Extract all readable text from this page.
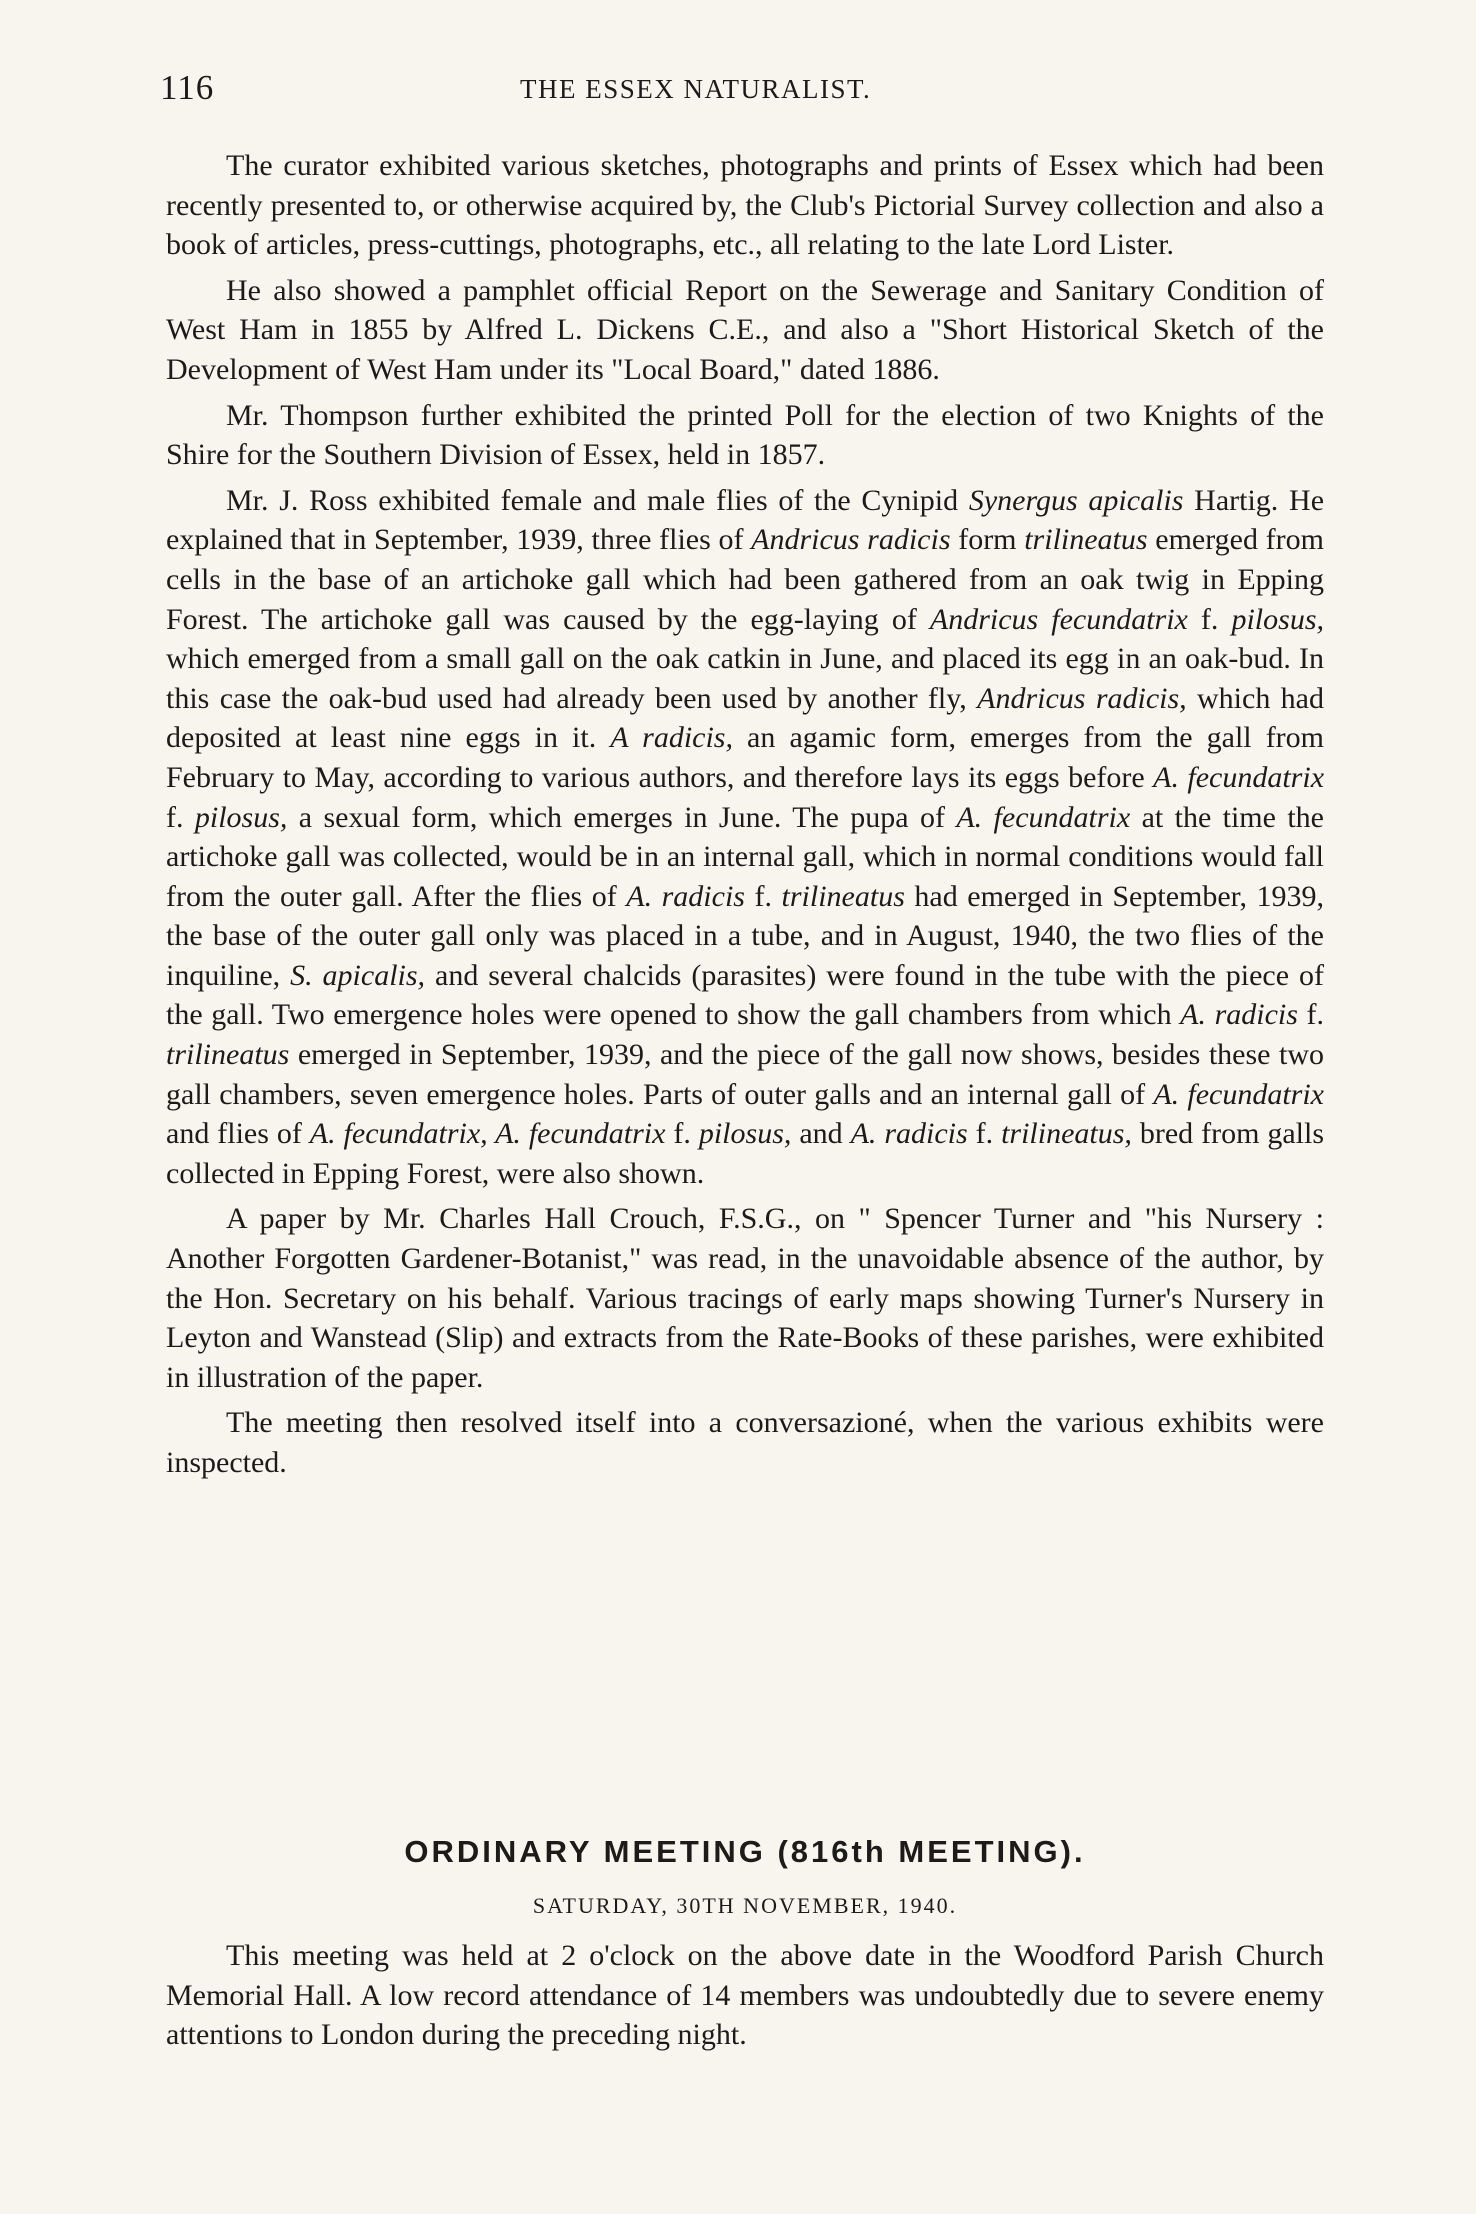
116	THE ESSEX NATURALIST.

The curator exhibited various sketches, photographs and prints of Essex which had been recently presented to, or otherwise acquired by, the Club's Pictorial Survey collection and also a book of articles, press-cuttings, photographs, etc., all relating to the late Lord Lister.

He also showed a pamphlet official Report on the Sewerage and Sanitary Condition of West Ham in 1855 by Alfred L. Dickens C.E., and also a "Short Historical Sketch of the Development of West Ham under its "Local Board," dated 1886.

Mr. Thompson further exhibited the printed Poll for the election of two Knights of the Shire for the Southern Division of Essex, held in 1857.

Mr. J. Ross exhibited female and male flies of the Cynipid Synergus apicalis Hartig. He explained that in September, 1939, three flies of Andricus radicis form trilineatus emerged from cells in the base of an artichoke gall which had been gathered from an oak twig in Epping Forest. The artichoke gall was caused by the egg-laying of Andricus fecundatrix f. pilosus, which emerged from a small gall on the oak catkin in June, and placed its egg in an oak-bud. In this case the oak-bud used had already been used by another fly, Andricus radicis, which had deposited at least nine eggs in it. A radicis, an agamic form, emerges from the gall from February to May, according to various authors, and therefore lays its eggs before A. fecundatrix f. pilosus, a sexual form, which emerges in June. The pupa of A. fecundatrix at the time the artichoke gall was collected, would be in an internal gall, which in normal conditions would fall from the outer gall. After the flies of A. radicis f. trilineatus had emerged in September, 1939, the base of the outer gall only was placed in a tube, and in August, 1940, the two flies of the inquiline, S. apicalis, and several chalcids (parasites) were found in the tube with the piece of the gall. Two emergence holes were opened to show the gall chambers from which A. radicis f. trilineatus emerged in September, 1939, and the piece of the gall now shows, besides these two gall chambers, seven emergence holes. Parts of outer galls and an internal gall of A. fecundatrix and flies of A. fecundatrix, A. fecundatrix f. pilosus, and A. radicis f. trilineatus, bred from galls collected in Epping Forest, were also shown.

A paper by Mr. Charles Hall Crouch, F.S.G., on " Spencer Turner and "his Nursery : Another Forgotten Gardener-Botanist," was read, in the unavoidable absence of the author, by the Hon. Secretary on his behalf. Various tracings of early maps showing Turner's Nursery in Leyton and Wanstead (Slip) and extracts from the Rate-Books of these parishes, were exhibited in illustration of the paper.

The meeting then resolved itself into a conversazioné, when the various exhibits were inspected.

ORDINARY MEETING (816th MEETING).
SATURDAY, 30TH NOVEMBER, 1940.

This meeting was held at 2 o'clock on the above date in the Woodford Parish Church Memorial Hall. A low record attendance of 14 members was undoubtedly due to severe enemy attentions to London during the preceding night.
